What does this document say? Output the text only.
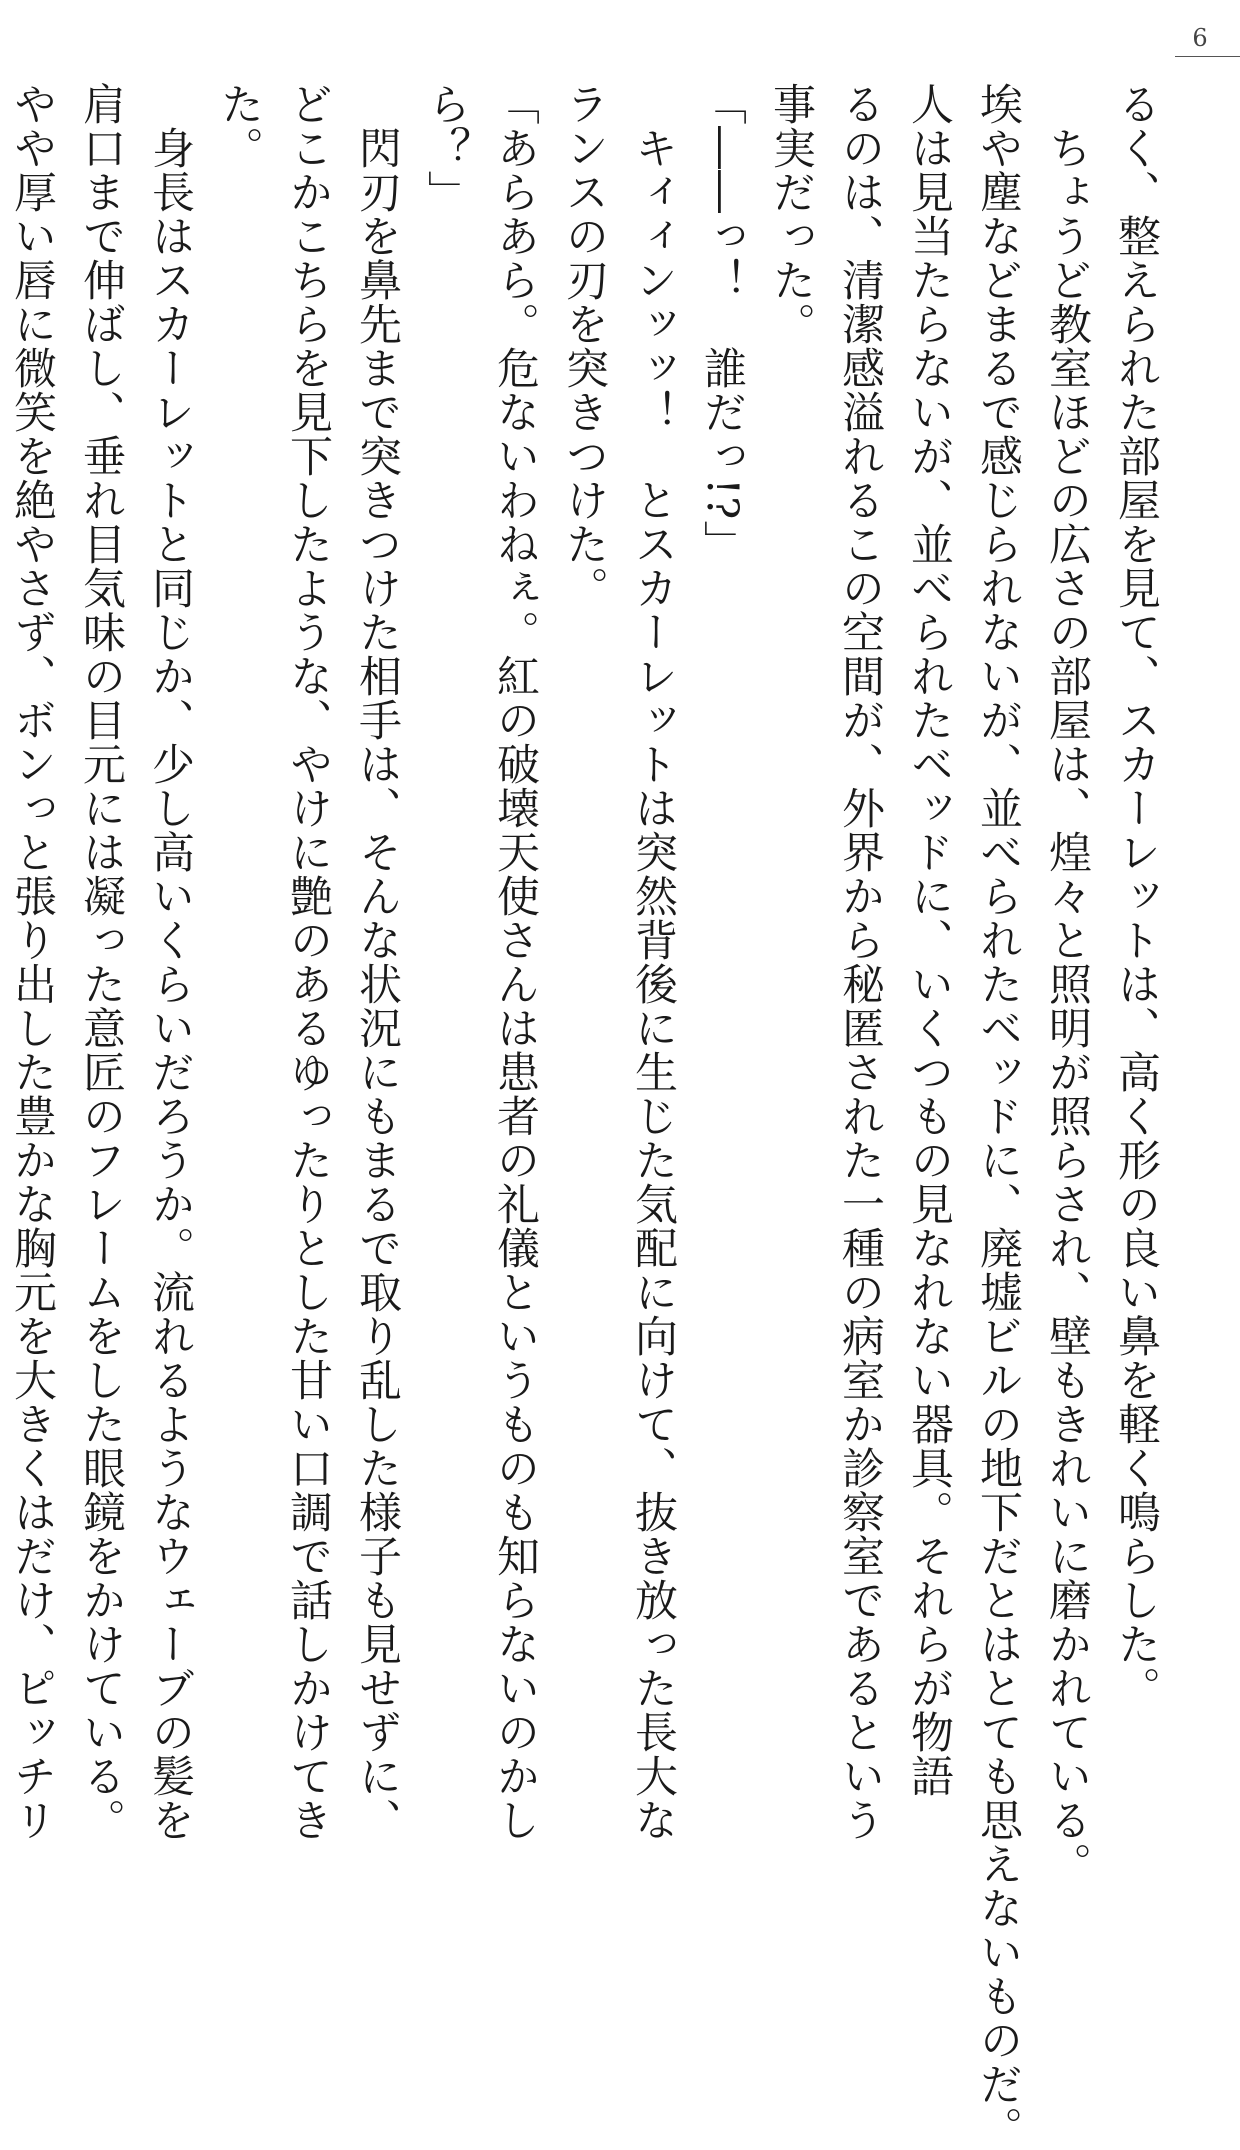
6
るく、整えられた部屋を見て、スカーレットは、高く形の良い鼻を軽く鳴らした。
　ちょうど教室ほどの広さの部屋は、煌々と照明が照らされ、壁もきれいに磨かれている。
埃や塵などまるで感じられないが、並べられたベッドに、廃墟ビルの地下だとはとても思えないものだ。
人は見当たらないが、並べられたベッドに、いくつもの見なれない器具。それらが物語
るのは、清潔感溢れるこの空間が、外界から秘匿された一種の病室か診察室であるという
事実だった。
「――っ！　誰だっ!?」
　キィィンッッ！　とスカーレットは突然背後に生じた気配に向けて、抜き放った長大な
ランスの刃を突きつけた。
「あらあら。危ないわねぇ。紅の破壊天使さんは患者の礼儀というものも知らないのかし
ら？」
　閃刃を鼻先まで突きつけた相手は、そんな状況にもまるで取り乱した様子も見せずに、
どこかこちらを見下したような、やけに艶のあるゆったりとした甘い口調で話しかけてき
た。
　身長はスカーレットと同じか、少し高いくらいだろうか。流れるようなウェーブの髪を
肩口まで伸ばし、垂れ目気味の目元には凝った意匠のフレームをした眼鏡をかけている。
やや厚い唇に微笑を絶やさず、ボンっと張り出した豊かな胸元を大きくはだけ、ピッチリ
